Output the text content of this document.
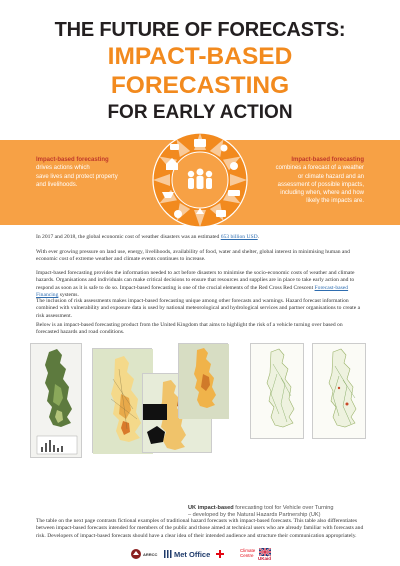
THE FUTURE OF FORECASTS:
IMPACT-BASED
FORECASTING
FOR EARLY ACTION
Impact-based forecasting
drives actions which
save lives and protect property
and livelihoods.
Impact-based forecasting
combines a forecast of a weather
or climate hazard and an
assessment of possible impacts,
including when, where and how
likely the impacts are.
In 2017 and 2018, the global economic cost of weather disasters was an estimated 653 billion USD.
With ever growing pressure on land use, energy, livelihoods, availability of food, water and shelter, global interest in minimising human and economic cost of extreme weather and climate events continues to increase.
Impact-based forecasting provides the information needed to act before disasters to minimise the socio-economic costs of weather and climate hazards. Organisations and individuals can make critical decisions to ensure that resources and supplies are in place to take early action and to respond as soon as it is safe to do so. Impact-based forecasting is one of the crucial elements of the Red Cross Red Crescent Forecast-based Financing systems.
The inclusion of risk assessments makes impact-based forecasting unique among other forecasts and warnings. Hazard forecast information combined with vulnerability and exposure data is used by national meteorological and hydrological services and partner organisations to create a risk assessment.
Below is an impact-based forecasting product from the United Kingdom that aims to highlight the risk of a vehicle turning over based on forecasted hazards and road conditions.
UK impact-based forecasting tool for Vehicle over Turning
– developed by the Natural Hazards Partnership (UK)
The table on the next page contrasts fictional examples of traditional hazard forecasts with impact-based forecasts. This table also differentiates between impact-based forecasts intended for members of the public and those aimed at technical users who are already familiar with forecasts and risk. Developers of impact-based forecasts should have a clear idea of their intended audience and structure their communication appropriately.
ARRCC Met Office	Climate
Centre
UKaid
